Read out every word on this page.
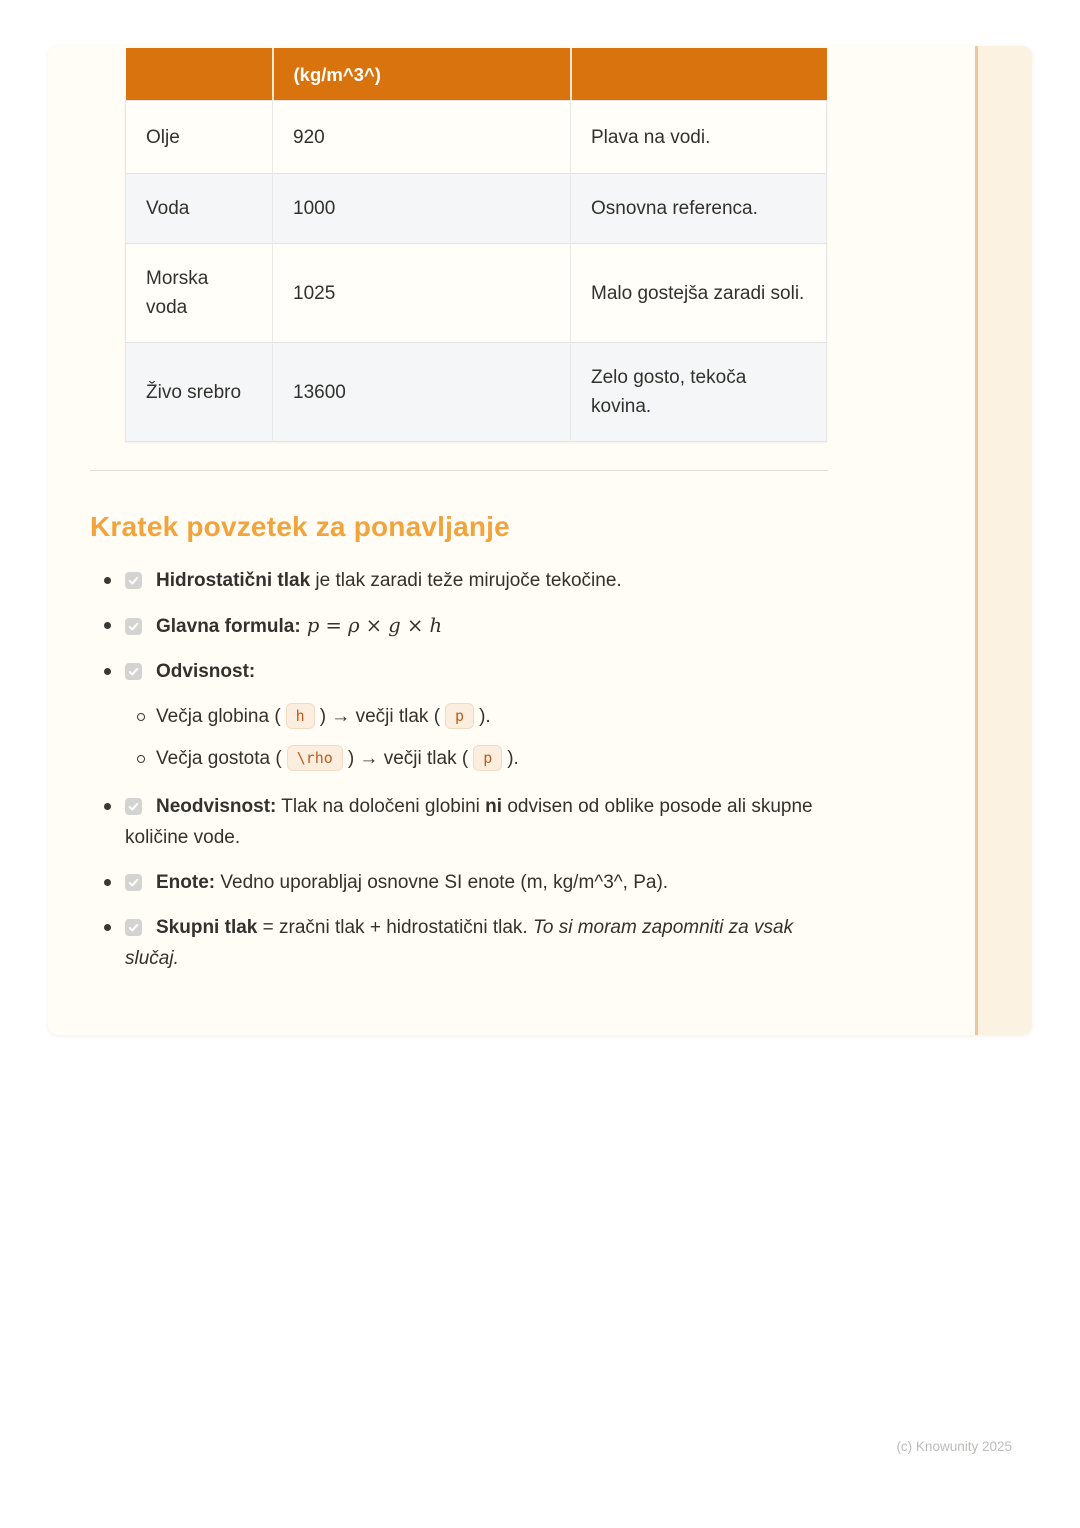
	(kg/m^3^)	
Olje	920	Plava na vodi.
Voda	1000	Osnovna referenca.
Morska voda	1025	Malo gostejša zaradi soli.
Živo srebro	13600	Zelo gosto, tekoča kovina.
Kratek povzetek za ponavljanje
Hidrostatični tlak je tlak zaradi teže mirujoče tekočine.
Glavna formula: p = ρ × g × h
Odvisnost:
Večja globina ( h ) → večji tlak ( p ).
Večja gostota ( \rho ) → večji tlak ( p ).
Neodvisnost: Tlak na določeni globini ni odvisen od oblike posode ali skupne količine vode.
Enote: Vedno uporabljaj osnovne SI enote (m, kg/m^3^, Pa).
Skupni tlak = zračni tlak + hidrostatični tlak. To si moram zapomniti za vsak slučaj.
(c) Knowunity 2025
